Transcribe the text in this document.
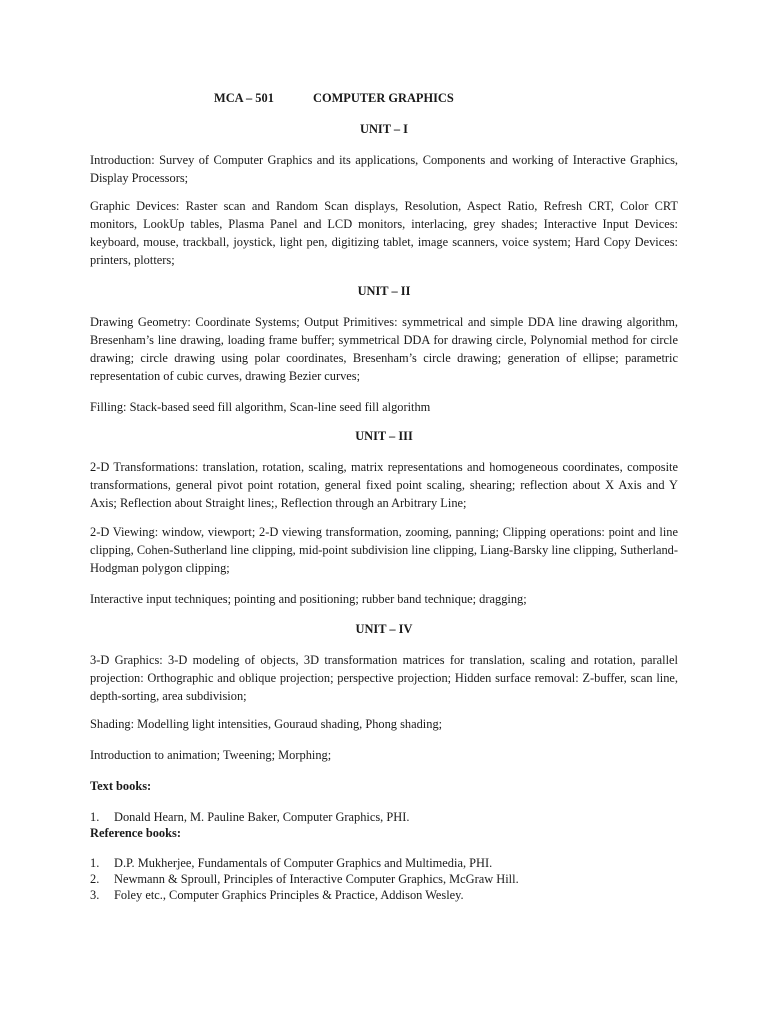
MCA – 501	COMPUTER GRAPHICS
UNIT – I
Introduction: Survey of Computer Graphics and its applications, Components and working of Interactive Graphics, Display Processors;
Graphic Devices: Raster scan and Random Scan displays, Resolution, Aspect Ratio, Refresh CRT, Color CRT monitors, LookUp tables, Plasma Panel and LCD monitors, interlacing, grey shades; Interactive Input Devices: keyboard, mouse, trackball, joystick, light pen, digitizing tablet, image scanners, voice system; Hard Copy Devices: printers, plotters;
UNIT – II
Drawing Geometry: Coordinate Systems; Output Primitives: symmetrical and simple DDA line drawing algorithm, Bresenham’s line drawing, loading frame buffer; symmetrical DDA for drawing circle, Polynomial method for circle drawing; circle drawing using polar coordinates, Bresenham’s circle drawing; generation of ellipse; parametric representation of cubic curves, drawing Bezier curves;
Filling: Stack-based seed fill algorithm, Scan-line seed fill algorithm
UNIT – III
2-D Transformations: translation, rotation, scaling, matrix representations and homogeneous coordinates, composite transformations, general pivot point rotation, general fixed point scaling, shearing; reflection about X Axis and Y Axis; Reflection about Straight lines;, Reflection through an Arbitrary Line;
2-D Viewing: window, viewport; 2-D viewing transformation, zooming, panning; Clipping operations: point and line clipping, Cohen-Sutherland line clipping, mid-point subdivision line clipping, Liang-Barsky line clipping, Sutherland-Hodgman polygon clipping;
Interactive input techniques; pointing and positioning; rubber band technique; dragging;
UNIT – IV
3-D Graphics: 3-D modeling of objects, 3D transformation matrices for translation, scaling and rotation, parallel projection: Orthographic and oblique projection; perspective projection; Hidden surface removal: Z-buffer, scan line, depth-sorting, area subdivision;
Shading: Modelling light intensities, Gouraud shading, Phong shading;
Introduction to animation; Tweening; Morphing;
Text books:
1. Donald Hearn, M. Pauline Baker, Computer Graphics, PHI.
Reference books:
1. D.P. Mukherjee, Fundamentals of Computer Graphics and Multimedia, PHI.
2. Newmann & Sproull, Principles of Interactive Computer Graphics, McGraw Hill.
3. Foley etc., Computer Graphics Principles & Practice, Addison Wesley.
